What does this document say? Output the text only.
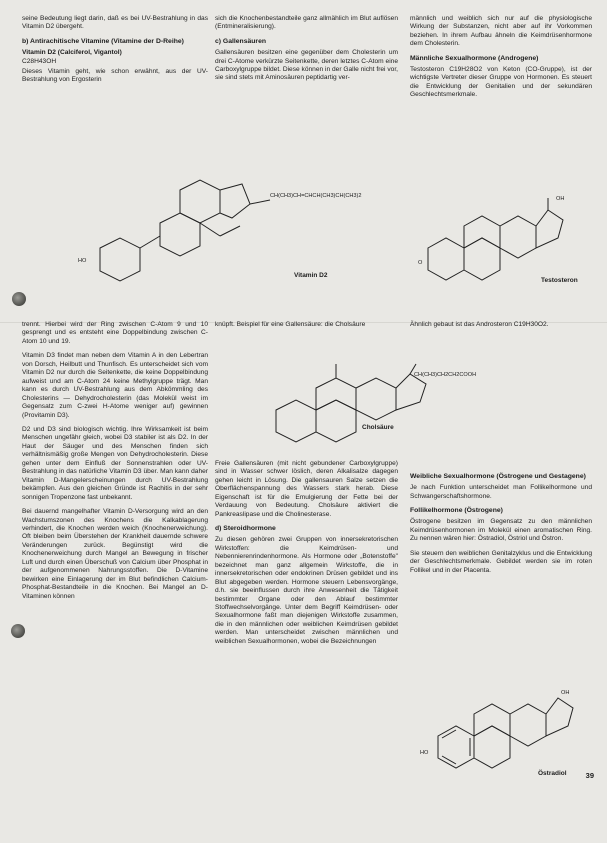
seine Bedeutung liegt darin, daß es bei UV-Bestrahlung in das Vitamin D2 übergeht.

b) Antirachitische Vitamine (Vitamine der D-Reihe)
Vitamin D2 (Calciferol, Vigantol)
C28H43OH

Dieses Vitamin geht, wie schon erwähnt, aus der UV-Bestrahlung von Ergosterin

sich die Knochenbestandteile ganz allmählich im Blut auflösen (Entmineralisierung).

c) Gallensäuren

Gallensäuren besitzen eine gegenüber dem Cholesterin um drei C-Atome verkürzte Seitenkette, deren letztes C-Atom eine Carboxylgruppe bildet. Diese können in der Galle nicht frei vor, sie sind stets mit Aminosäuren peptidartig ver-

männlich und weiblich sich nur auf die physiologische Wirkung der Substanzen, nicht aber auf ihr Vorkommen beziehen. In ihrem Aufbau ähneln die Keimdrüsenhormone dem Cholesterin.

Männliche Sexualhormone (Androgene)

Testosteron C19H28O2 von Keton (CO-Gruppe), ist der wichtigste Vertreter dieser Gruppe von Hormonen. Es steuert die Entwicklung der Genitalien und der sekundären Geschlechtsmerkmale.

CH(CH3)CH=CHCH(CH3)CH(CH3)2
HO
Vitamin D2
OH
O
Testosteron

trennt. Hierbei wird der Ring zwischen C-Atom 9 und 10 gesprengt und es entsteht eine Doppelbindung zwischen C-Atom 10 und 19.

Vitamin D3 findet man neben dem Vitamin A in den Lebertran von Dorsch, Heilbutt und Thunfisch. Es unterscheidet sich vom Vitamin D2 nur durch die Seitenkette, die keine Doppelbindung aufweist und am C-Atom 24 keine Methylgruppe trägt. Man kann es durch UV-Bestrahlung aus dem Abkömmling des Cholesterins — Dehydrocholesterin (das Molekül weist im Gegensatz zum C-zwei H-Atome weniger auf) gewinnen (Provitamin D3).

D2 und D3 sind biologisch wichtig. Ihre Wirksamkeit ist beim Menschen ungefähr gleich, wobei D3 stabiler ist als D2. In der Haut der Säuger und des Menschen finden sich verhältnismäßig große Mengen von Dehydrocholesterin. Diese gehen unter dem Einfluß der Sonnenstrahlen oder UV-Bestrahlung in das natürliche Vitamin D3 über. Man kann daher Vitamin D-Mangelerscheinungen durch UV-Bestrahlung bekämpfen. Aus den gleichen Gründe ist Rachitis in der sehr sonnigen Tropenzone fast unbekannt.

Bei dauernd mangelhafter Vitamin D-Versorgung wird an den Wachstumszonen des Knochens die Kalkablagerung verhindert, die Knochen werden weich (Knochenerweichung). Oft bleiben beim Überstehen der Krankheit dauernde schwere Veränderungen zurück. Begünstigt wird die Knochenerweichung durch Mangel an Bewegung in frischer Luft und durch einen Überschuß von Calcium über Phosphat in der aufgenommenen Nahrungsstoffen. Die D-Vitamine bewirken eine Einlagerung der im Blut befindlichen Calcium-Phosphat-Bestandteile in die Knochen. Bei Mangel an D-Vitaminen können

knüpft. Beispiel für eine Gallensäure: die Cholsäure

CH(CH3)CH2CH2COOH
Cholsäure

Freie Gallensäuren (mit nicht gebundener Carboxylgruppe) sind in Wasser schwer löslich, deren Alkalisalze dagegen gehen leicht in Lösung. Die gallensauren Salze setzen die Oberflächenspannung des Wassers stark herab. Diese Eigenschaft ist für die Emulgierung der Fette bei der Verdauung von Bedeutung. Cholsäure aktiviert die Pankreaslipase und die Cholinesterase.

d) Steroidhormone

Zu diesen gehören zwei Gruppen von innersekretorischen Wirkstoffen: die Keimdrüsen- und Nebennierenrindenhormone. Als Hormone oder „Botenstoffe" bezeichnet man ganz allgemein Wirkstoffe, die in innersekretorischen oder endokrinen Drüsen gebildet und ins Blut abgegeben werden. Hormone steuern Lebensvorgänge, d.h. sie beeinflussen durch ihre Anwesenheit die Tätigkeit bestimmter Organe oder den Ablauf bestimmter Stoffwechselvorgänge. Unter dem Begriff Keimdrüsen- oder Sexualhormone faßt man diejenigen Wirkstoffe zusammen, die in den männlichen oder weiblichen Keimdrüsen gebildet werden. Man unterscheidet zwischen männlichen und weiblichen Sexualhormonen, wobei die Bezeichnungen

Ähnlich gebaut ist das Androsteron C19H30O2.

Weibliche Sexualhormone (Östrogene und Gestagene)

Je nach Funktion unterscheidet man Follikelhormone und Schwangerschaftshormone.

Follikelhormone (Östrogene)

Östrogene besitzen im Gegensatz zu den männlichen Keimdrüsenhormonen im Molekül einen aromatischen Ring. Zu nennen wären hier: Östradiol, Östriol und Östron.

Sie steuern den weiblichen Genitalzyklus und die Entwicklung der Geschlechtsmerkmale. Gebildet werden sie im roten Follikel und in der Placenta.

HO
OH
Östradiol	39
